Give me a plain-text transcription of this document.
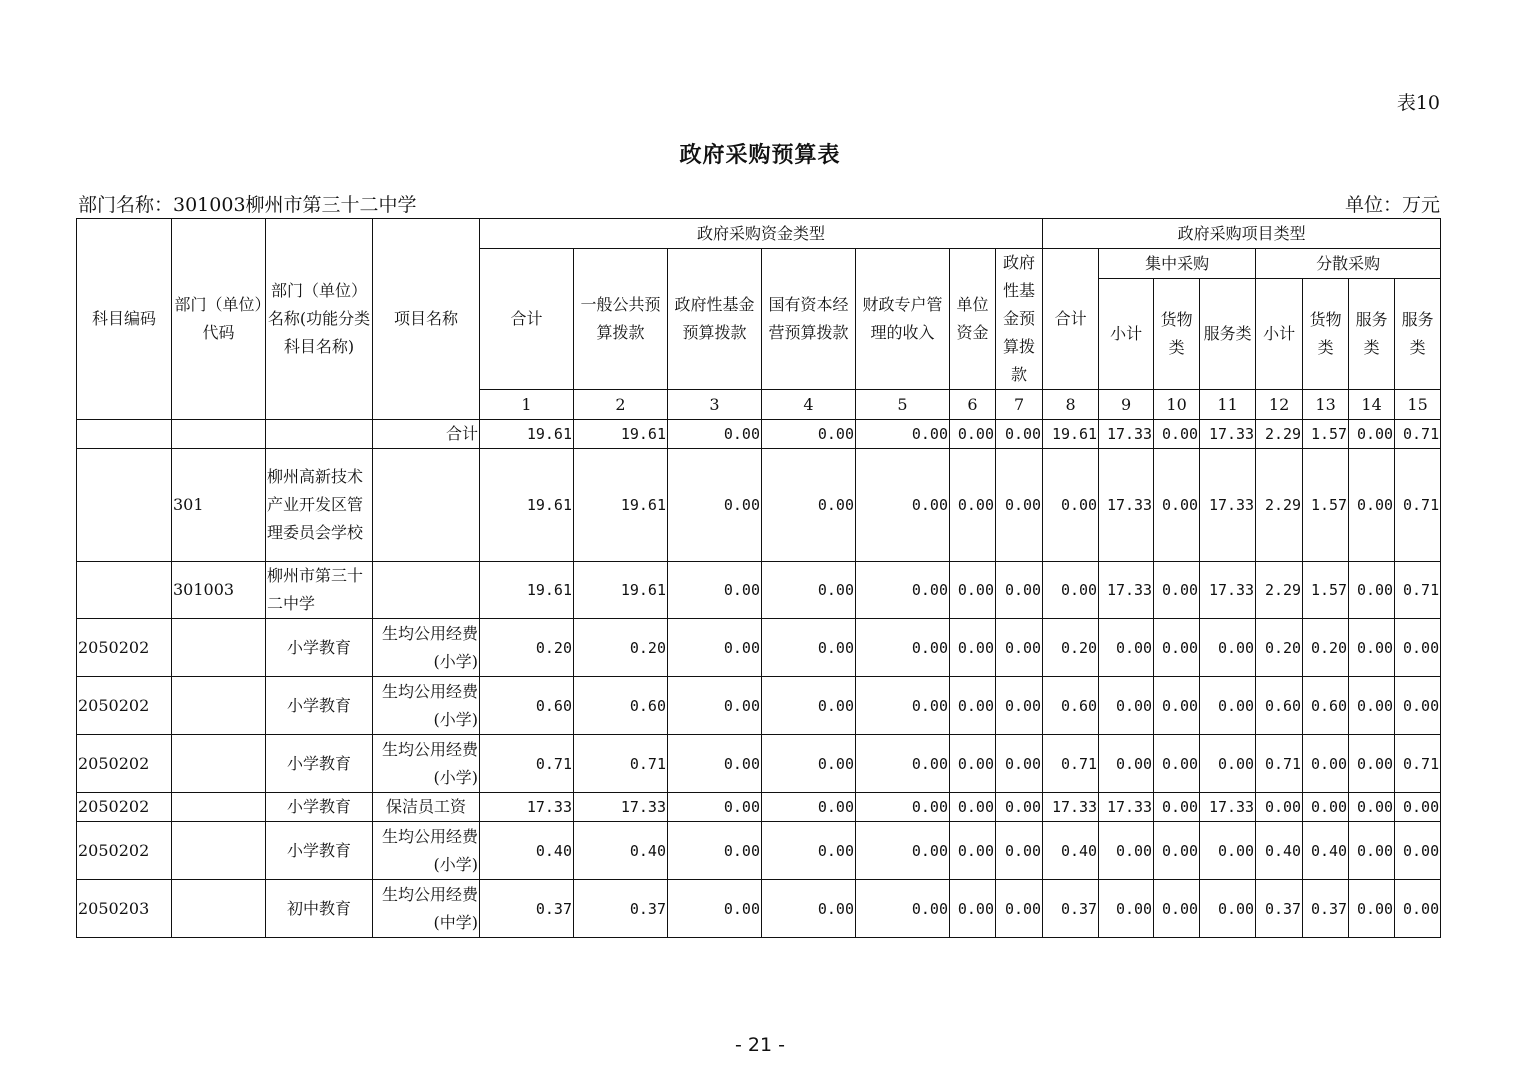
表10
政府采购预算表
部门名称：301003柳州市第三十二中学	单位：万元
科目编码	部门（单位）代码	部门（单位）名称(功能分类科目名称)	项目名称	政府采购资金类型							政府采购项目类型							
				合计	一般公共预算拨款	政府性基金预算拨款	国有资本经营预算拨款	财政专户管理的收入	单位资金	政府性基金预算拨款	合计	集中采购			分散采购			
												小计	货物类	服务类	小计	货物类	服务类	服务类
				1	2	3	4	5	6	7	8	9	10	11	12	13	14	15
			合计	19.61	19.61	0.00	0.00	0.00	0.00	0.00	19.61	17.33	0.00	17.33	2.29	1.57	0.00	0.71
	301	柳州高新技术产业开发区管理委员会学校		19.61	19.61	0.00	0.00	0.00	0.00	0.00	0.00	17.33	0.00	17.33	2.29	1.57	0.00	0.71
	301003	柳州市第三十二中学		19.61	19.61	0.00	0.00	0.00	0.00	0.00	0.00	17.33	0.00	17.33	2.29	1.57	0.00	0.71
2050202		小学教育	生均公用经费(小学)	0.20	0.20	0.00	0.00	0.00	0.00	0.00	0.20	0.00	0.00	0.00	0.20	0.20	0.00	0.00
2050202		小学教育	生均公用经费(小学)	0.60	0.60	0.00	0.00	0.00	0.00	0.00	0.60	0.00	0.00	0.00	0.60	0.60	0.00	0.00
2050202		小学教育	生均公用经费(小学)	0.71	0.71	0.00	0.00	0.00	0.00	0.00	0.71	0.00	0.00	0.00	0.71	0.00	0.00	0.71
2050202		小学教育	保洁员工资	17.33	17.33	0.00	0.00	0.00	0.00	0.00	17.33	17.33	0.00	17.33	0.00	0.00	0.00	0.00
2050202		小学教育	生均公用经费(小学)	0.40	0.40	0.00	0.00	0.00	0.00	0.00	0.40	0.00	0.00	0.00	0.40	0.40	0.00	0.00
2050203		初中教育	生均公用经费(中学)	0.37	0.37	0.00	0.00	0.00	0.00	0.00	0.37	0.00	0.00	0.00	0.37	0.37	0.00	0.00
- 21 -
